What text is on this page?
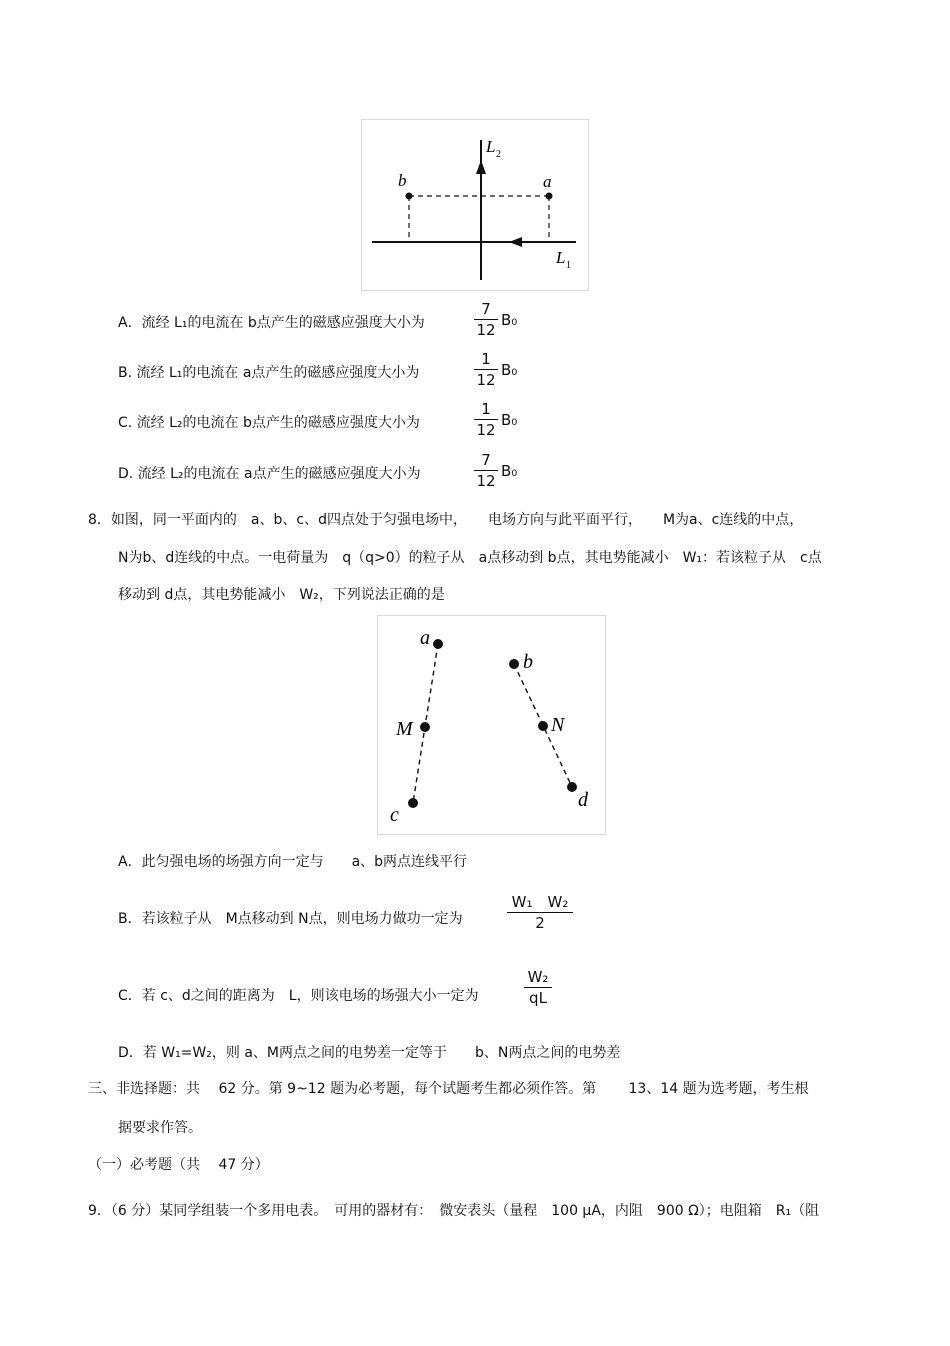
b	a
L 2
L 1
A．流经 L₁的电流在 b点产生的磁感应强度大小为
7
12
B₀
B. 流经 L₁的电流在 a点产生的磁感应强度大小为
1
12
B₀
C. 流经 L₂的电流在 b点产生的磁感应强度大小为
1
12
B₀
D. 流经 L₂的电流在 a点产生的磁感应强度大小为
7
12
B₀
8．如图，同一平面内的　a、b、c、d四点处于匀强电场中，　　电场方向与此平面平行，　　M为a、c连线的中点，
N为b、d连线的中点。一电荷量为　q（q>0）的粒子从　a点移动到 b点，其电势能减小　W₁：若该粒子从　c点
移动到 d点，其电势能减小　W₂，下列说法正确的是
a
M
c
b
N
d
A．此匀强电场的场强方向一定与　　a、b两点连线平行
B．若该粒子从　M点移动到 N点，则电场力做功一定为
W₁　W₂
2
C．若 c、d之间的距离为　L，则该电场的场强大小一定为
W₂
qL
D．若 W₁=W₂，则 a、M两点之间的电势差一定等于　　b、N两点之间的电势差
三、非选择题：共　 62 分。第 9~12 题为必考题，每个试题考生都必须作答。第　　 13、14 题为选考题，考生根
据要求作答。
（一）必考题（共　 47 分）
9．（6 分）某同学组装一个多用电表。　可用的器材有：　微安表头（量程　100 μA，内阻　900 Ω）；电阻箱　R₁（阻
